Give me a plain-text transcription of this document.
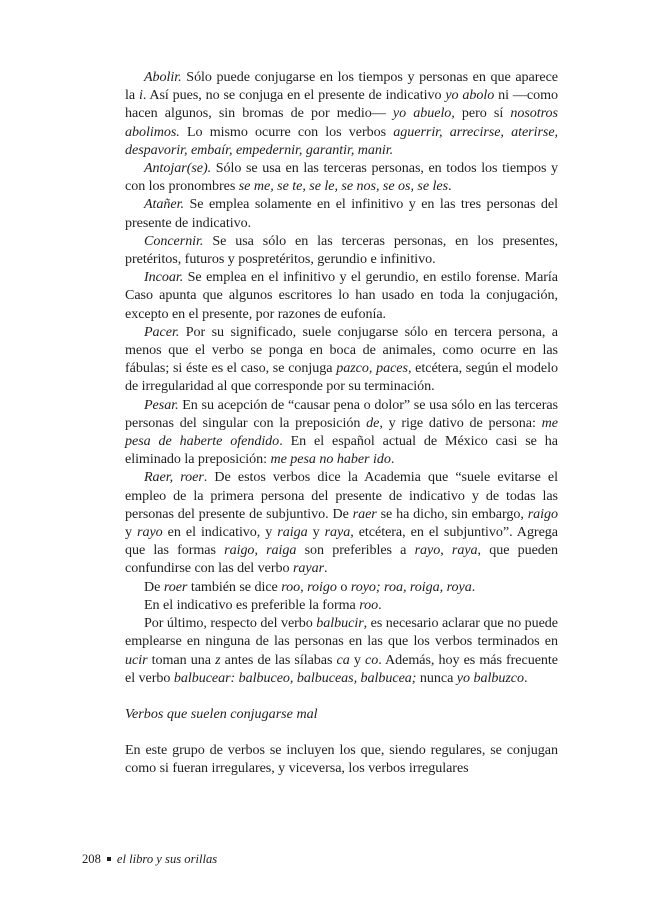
Abolir. Sólo puede conjugarse en los tiempos y personas en que aparece la i. Así pues, no se conjuga en el presente de indicativo yo abolo ni —como hacen algunos, sin bromas de por medio— yo abuelo, pero sí nosotros abolimos. Lo mismo ocurre con los verbos aguerrir, arrecirse, aterirse, despavorir, embaír, empedernir, garantir, manir.

Antojar(se). Sólo se usa en las terceras personas, en todos los tiempos y con los pronombres se me, se te, se le, se nos, se os, se les.

Atañer. Se emplea solamente en el infinitivo y en las tres personas del presente de indicativo.

Concernir. Se usa sólo en las terceras personas, en los presentes, pretéritos, futuros y pospretéritos, gerundio e infinitivo.

Incoar. Se emplea en el infinitivo y el gerundio, en estilo forense. María Caso apunta que algunos escritores lo han usado en toda la conjugación, excepto en el presente, por razones de eufonía.

Pacer. Por su significado, suele conjugarse sólo en tercera persona, a menos que el verbo se ponga en boca de animales, como ocurre en las fábulas; si éste es el caso, se conjuga pazco, paces, etcétera, según el modelo de irregularidad al que corresponde por su terminación.

Pesar. En su acepción de “causar pena o dolor” se usa sólo en las terceras personas del singular con la preposición de, y rige dativo de persona: me pesa de haberte ofendido. En el español actual de México casi se ha eliminado la preposición: me pesa no haber ido.

Raer, roer. De estos verbos dice la Academia que “suele evitarse el empleo de la primera persona del presente de indicativo y de todas las personas del presente de subjuntivo. De raer se ha dicho, sin embargo, raigo y rayo en el indicativo, y raiga y raya, etcétera, en el subjuntivo”. Agrega que las formas raigo, raiga son preferibles a rayo, raya, que pueden confundirse con las del verbo rayar.

De roer también se dice roo, roigo o royo; roa, roiga, roya.

En el indicativo es preferible la forma roo.

Por último, respecto del verbo balbucir, es necesario aclarar que no puede emplearse en ninguna de las personas en las que los verbos terminados en ucir toman una z antes de las sílabas ca y co. Además, hoy es más frecuente el verbo balbucear: balbuceo, balbuceas, balbucea; nunca yo balbuzco.

Verbos que suelen conjugarse mal

En este grupo de verbos se incluyen los que, siendo regulares, se conjugan como si fueran irregulares, y viceversa, los verbos irregulares

208 el libro y sus orillas
